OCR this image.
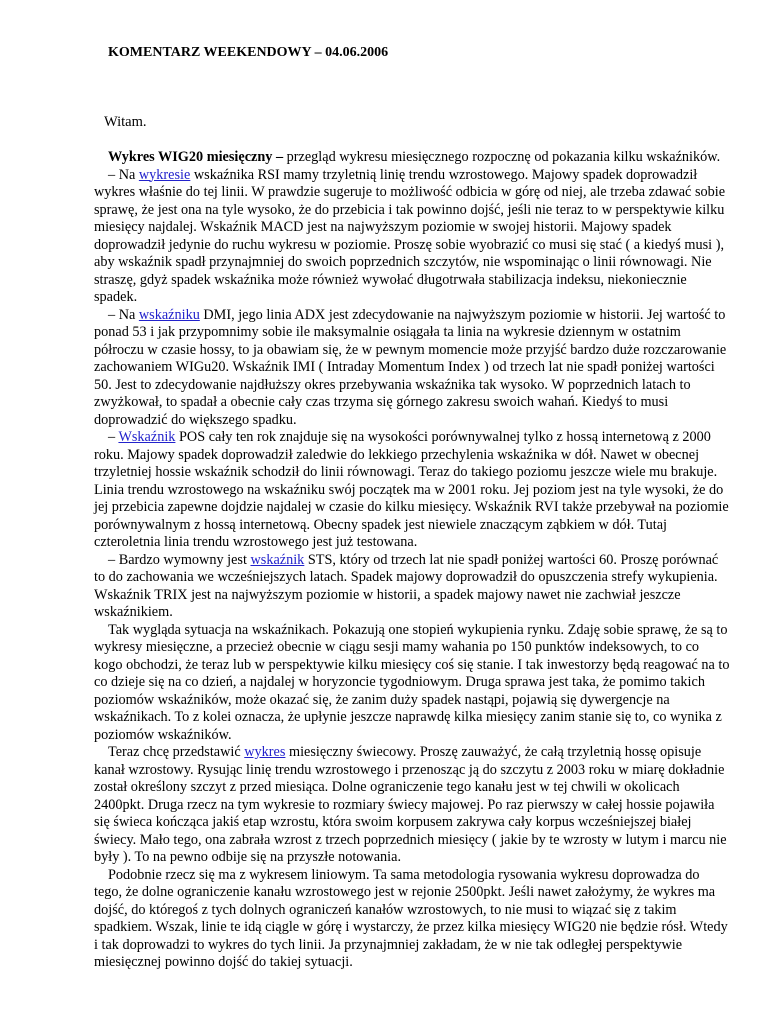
KOMENTARZ WEEKENDOWY – 04.06.2006

Witam.

Wykres WIG20 miesięczny – przegląd wykresu miesięcznego rozpocznę od pokazania kilku wskaźników.

– Na wykresie wskaźnika RSI mamy trzyletnią linię trendu wzrostowego. Majowy spadek doprowadził wykres właśnie do tej linii. W prawdzie sugeruje to możliwość odbicia w górę od niej, ale trzeba zdawać sobie sprawę, że jest ona na tyle wysoko, że do przebicia i tak powinno dojść, jeśli nie teraz to w perspektywie kilku miesięcy najdalej. Wskaźnik MACD jest na najwyższym poziomie w swojej historii. Majowy spadek doprowadził jedynie do ruchu wykresu w poziomie. Proszę sobie wyobrazić co musi się stać ( a kiedyś musi ), aby wskaźnik spadł przynajmniej do swoich poprzednich szczytów, nie wspominając o linii równowagi. Nie straszę, gdyż spadek wskaźnika może również wywołać długotrwała stabilizacja indeksu, niekoniecznie spadek.

– Na wskaźniku DMI, jego linia ADX jest zdecydowanie na najwyższym poziomie w historii. Jej wartość to ponad 53 i jak przypomnimy sobie ile maksymalnie osiągała ta linia na wykresie dziennym w ostatnim półroczu w czasie hossy, to ja obawiam się, że w pewnym momencie może przyjść bardzo duże rozczarowanie zachowaniem WIGu20. Wskaźnik IMI ( Intraday Momentum Index ) od trzech lat nie spadł poniżej wartości 50. Jest to zdecydowanie najdłuższy okres przebywania wskaźnika tak wysoko. W poprzednich latach to zwyżkował, to spadał a obecnie cały czas trzyma się górnego zakresu swoich wahań. Kiedyś to musi doprowadzić do większego spadku.

– Wskaźnik POS cały ten rok znajduje się na wysokości porównywalnej tylko z hossą internetową z 2000 roku. Majowy spadek doprowadził zaledwie do lekkiego przechylenia wskaźnika w dół. Nawet w obecnej trzyletniej hossie wskaźnik schodził do linii równowagi. Teraz do takiego poziomu jeszcze wiele mu brakuje. Linia trendu wzrostowego na wskaźniku swój początek ma w 2001 roku. Jej poziom jest na tyle wysoki, że do jej przebicia zapewne dojdzie najdalej w czasie do kilku miesięcy. Wskaźnik RVI także przebywał na poziomie porównywalnym z hossą internetową. Obecny spadek jest niewiele znaczącym ząbkiem w dół. Tutaj czteroletnia linia trendu wzrostowego jest już testowana.

– Bardzo wymowny jest wskaźnik STS, który od trzech lat nie spadł poniżej wartości 60. Proszę porównać to do zachowania we wcześniejszych latach. Spadek majowy doprowadził do opuszczenia strefy wykupienia. Wskaźnik TRIX jest na najwyższym poziomie w historii, a spadek majowy nawet nie zachwiał jeszcze wskaźnikiem.

Tak wygląda sytuacja na wskaźnikach. Pokazują one stopień wykupienia rynku. Zdaję sobie sprawę, że są to wykresy miesięczne, a przecież obecnie w ciągu sesji mamy wahania po 150 punktów indeksowych, to co kogo obchodzi, że teraz lub w perspektywie kilku miesięcy coś się stanie. I tak inwestorzy będą reagować na to co dzieje się na co dzień, a najdalej w horyzoncie tygodniowym. Druga sprawa jest taka, że pomimo takich poziomów wskaźników, może okazać się, że zanim duży spadek nastąpi, pojawią się dywergencje na wskaźnikach. To z kolei oznacza, że upłynie jeszcze naprawdę kilka miesięcy zanim stanie się to, co wynika z poziomów wskaźników.

Teraz chcę przedstawić wykres miesięczny świecowy. Proszę zauważyć, że całą trzyletnią hossę opisuje kanał wzrostowy. Rysując linię trendu wzrostowego i przenosząc ją do szczytu z 2003 roku w miarę dokładnie został określony szczyt z przed miesiąca. Dolne ograniczenie tego kanału jest w tej chwili w okolicach 2400pkt. Druga rzecz na tym wykresie to rozmiary świecy majowej. Po raz pierwszy w całej hossie pojawiła się świeca kończąca jakiś etap wzrostu, która swoim korpusem zakrywa cały korpus wcześniejszej białej świecy. Mało tego, ona zabrała wzrost z trzech poprzednich miesięcy ( jakie by te wzrosty w lutym i marcu nie były ). To na pewno odbije się na przyszłe notowania.

Podobnie rzecz się ma z wykresem liniowym. Ta sama metodologia rysowania wykresu doprowadza do tego, że dolne ograniczenie kanału wzrostowego jest w rejonie 2500pkt. Jeśli nawet założymy, że wykres ma dojść, do któregoś z tych dolnych ograniczeń kanałów wzrostowych, to nie musi to wiązać się z takim spadkiem. Wszak, linie te idą ciągle w górę i wystarczy, że przez kilka miesięcy WIG20 nie będzie rósł. Wtedy i tak doprowadzi to wykres do tych linii. Ja przynajmniej zakładam, że w nie tak odległej perspektywie miesięcznej powinno dojść do takiej sytuacji.
